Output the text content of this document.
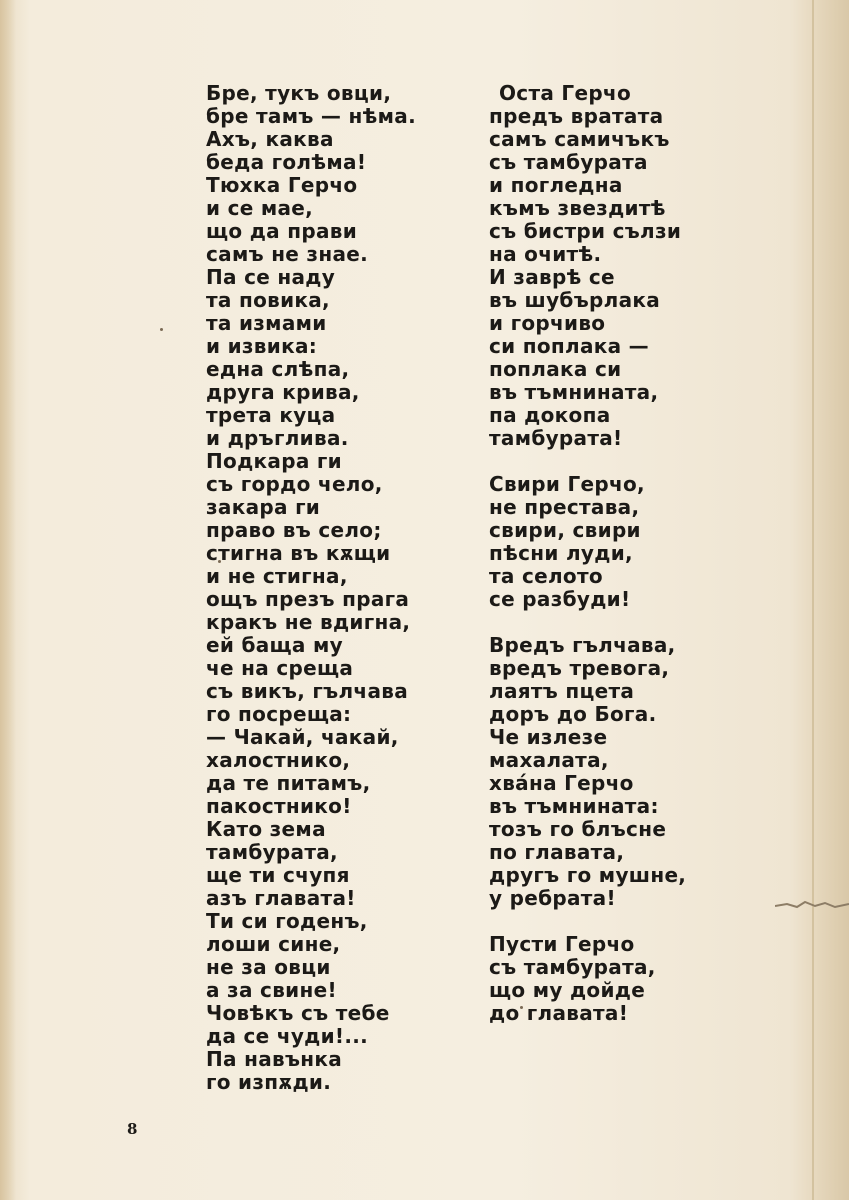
Бре, тукъ овци,
бре тамъ — нѣма.
Ахъ, каква
беда голѣма!
Тюхка Герчо
и се мае,
що да прави
самъ не знае.
Па се наду
та повика,
та измами
и извика:
една слѣпа,
друга крива,
трета куца
и дръглива.
Подкара ги
съ гордо чело,
закара ги
право въ село;
стигна въ кѫщи
и не стигна,
ощъ презъ прага
кракъ не вдигна,
ей баща му
че на среща
съ викъ, гълчава
го посреща:
— Чакай, чакай,
халостнико,
да те питамъ,
пакостнико!
Като зема
тамбурата,
ще ти счупя
азъ главата!
Ти си годенъ,
лоши сине,
не за овци
а за свине!
Човѣкъ съ тебе
да се чуди!...
Па навънка
го изпѫди.
Оста Герчо
предъ вратата
самъ самичъкъ
съ тамбурата
и погледна
къмъ звездитѣ
съ бистри сълзи
на очитѣ.
И заврѣ се
въ шубърлака
и горчиво
си поплака —
поплака си
въ тъмнината,
па докопа
тамбурата!
Свири Герчо,
не престава,
свири, свири
пѣсни луди,
та селото
се разбуди!
Вредъ гълчава,
вредъ тревога,
лаятъ пцета
доръ до Бога.
Че излезе
махалата,
хвáна Герчо
въ тъмнината:
тозъ го блъсне
по главата,
другъ го мушне,
у ребрата!
Пусти Герчо
съ тамбурата,
що му дойде
до главата!
8
